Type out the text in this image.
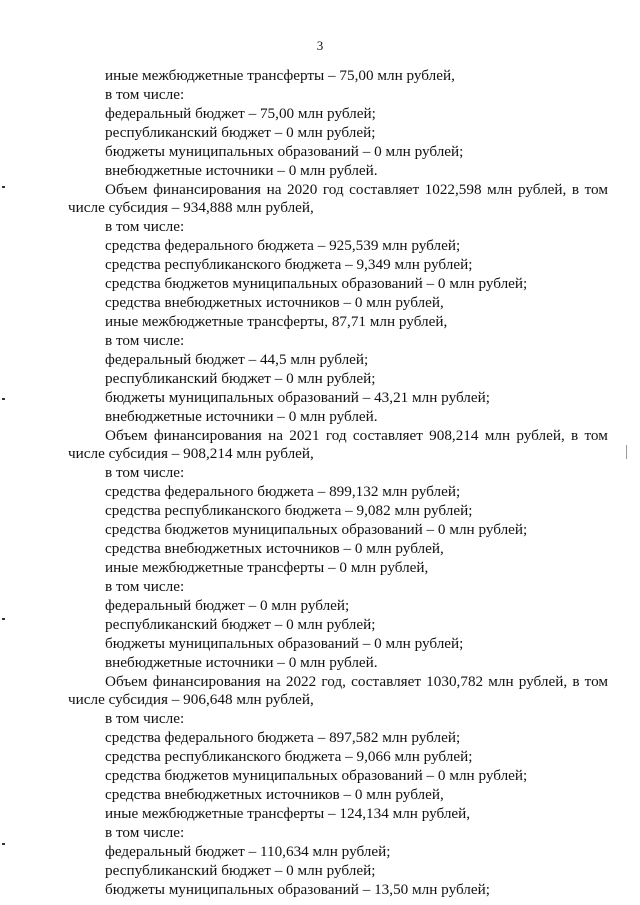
3
иные межбюджетные трансферты – 75,00 млн рублей,
в том числе:
федеральный бюджет – 75,00 млн рублей;
республиканский бюджет – 0 млн рублей;
бюджеты муниципальных образований – 0 млн рублей;
внебюджетные источники – 0 млн рублей.
Объем финансирования на 2020 год составляет 1022,598 млн рублей, в том
числе субсидия – 934,888 млн рублей,
в том числе:
средства федерального бюджета – 925,539 млн рублей;
средства республиканского бюджета – 9,349 млн рублей;
средства бюджетов муниципальных образований – 0 млн рублей;
средства внебюджетных источников – 0 млн рублей,
иные межбюджетные трансферты, 87,71 млн рублей,
в том числе:
федеральный бюджет – 44,5 млн рублей;
республиканский бюджет – 0 млн рублей;
бюджеты муниципальных образований – 43,21 млн рублей;
внебюджетные источники – 0 млн рублей.
Объем финансирования на 2021 год составляет 908,214 млн рублей, в том
числе субсидия – 908,214 млн рублей,
в том числе:
средства федерального бюджета – 899,132 млн рублей;
средства республиканского бюджета – 9,082 млн рублей;
средства бюджетов муниципальных образований – 0 млн рублей;
средства внебюджетных источников – 0 млн рублей,
иные межбюджетные трансферты – 0 млн рублей,
в том числе:
федеральный бюджет – 0 млн рублей;
республиканский бюджет – 0 млн рублей;
бюджеты муниципальных образований – 0 млн рублей;
внебюджетные источники – 0 млн рублей.
Объем финансирования на 2022 год, составляет 1030,782 млн рублей, в том
числе субсидия – 906,648 млн рублей,
в том числе:
средства федерального бюджета – 897,582 млн рублей;
средства республиканского бюджета – 9,066 млн рублей;
средства бюджетов муниципальных образований – 0 млн рублей;
средства внебюджетных источников – 0 млн рублей,
иные межбюджетные трансферты – 124,134 млн рублей,
в том числе:
федеральный бюджет – 110,634 млн рублей;
республиканский бюджет – 0 млн рублей;
бюджеты муниципальных образований – 13,50 млн рублей;
